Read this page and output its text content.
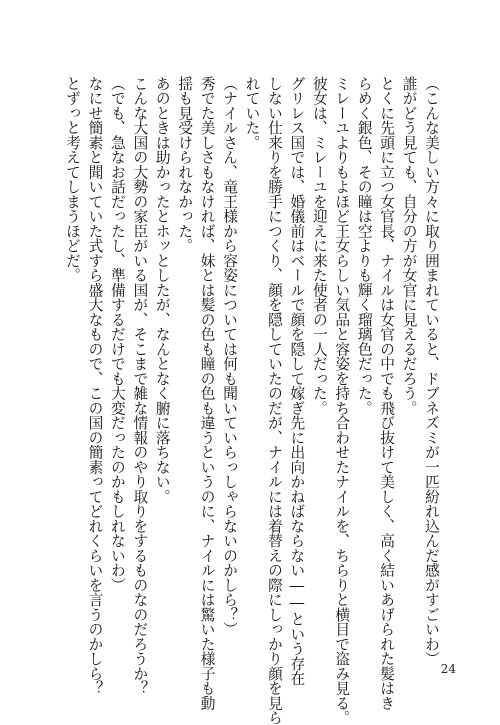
（こんな美しい方々に取り囲まれていると、ドブネズミが一匹紛れ込んだ感がすごいわ）
誰がどう見ても、自分の方が女官に見えるだろう。
とくに先頭に立つ女官長、ナイルは女官の中でも飛び抜けて美しく、高く結いあげられた髪はき
らめく銀色、その瞳は空よりも輝く瑠璃色だった。
ミレーユよりもよほど王女らしい気品と容姿を持ち合わせたナイルを、ちらりと横目で盗み見る。
彼女は、ミレーユを迎えに来た使者の一人だった。
グリレス国では、婚儀前はベールで顔を隠して嫁ぎ先に出向かねばならない――という存在
しない仕来りを勝手につくり、顔を隠していたのだが、ナイルには着替えの際にしっかり顔を見ら
れていた。
（ナイルさん、竜王様から容姿については何も聞いていらっしゃらないのかしら？）
秀でた美しさもなければ、妹とは髪の色も瞳の色も違うというのに、ナイルには驚いた様子も動
揺も見受けられなかった。
あのときは助かったとホッとしたが、なんとなく腑に落ちない。
こんな大国の大勢の家臣がいる国が、そこまで雑な情報のやり取りをするものなのだろうか？
（でも、急なお話だったし、準備するだけでも大変だったのかもしれないわ）
なにせ簡素と聞いていた式すら盛大なもので、この国の簡素ってどれくらいを言うのかしら？
とずっと考えてしまうほどだ。
24
